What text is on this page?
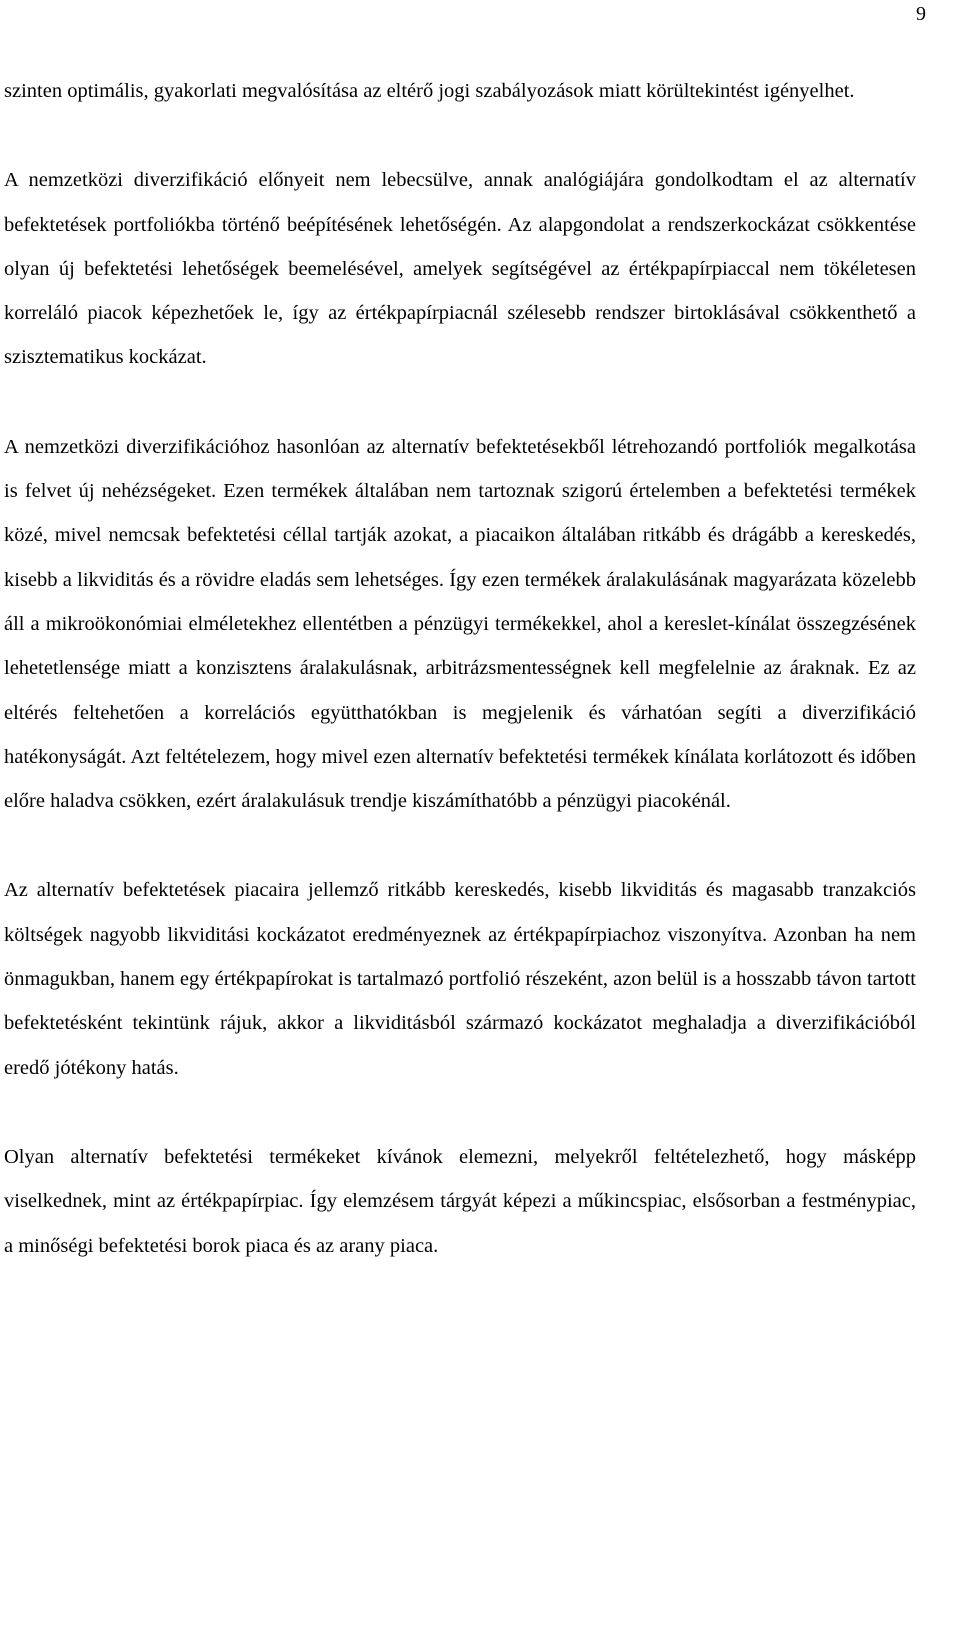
9

szinten optimális, gyakorlati megvalósítása az eltérő jogi szabályozások miatt körültekintést igényelhet.

A nemzetközi diverzifikáció előnyeit nem lebecsülve, annak analógiájára gondolkodtam el az alternatív befektetések portfoliókba történő beépítésének lehetőségén. Az alapgondolat a rendszerkockázat csökkentése olyan új befektetési lehetőségek beemelésével, amelyek segítségével az értékpapírpiaccal nem tökéletesen korreláló piacok képezhetőek le, így az értékpapírpiacnál szélesebb rendszer birtoklásával csökkenthető a szisztematikus kockázat.

A nemzetközi diverzifikációhoz hasonlóan az alternatív befektetésekből létrehozandó portfoliók megalkotása is felvet új nehézségeket. Ezen termékek általában nem tartoznak szigorú értelemben a befektetési termékek közé, mivel nemcsak befektetési céllal tartják azokat, a piacaikon általában ritkább és drágább a kereskedés, kisebb a likviditás és a rövidre eladás sem lehetséges. Így ezen termékek áralakulásának magyarázata közelebb áll a mikroökonómiai elméletekhez ellentétben a pénzügyi termékekkel, ahol a kereslet-kínálat összegzésének lehetetlensége miatt a konzisztens áralakulásnak, arbitrázsmentességnek kell megfelelnie az áraknak. Ez az eltérés feltehetően a korrelációs együtthatókban is megjelenik és várhatóan segíti a diverzifikáció hatékonyságát. Azt feltételezem, hogy mivel ezen alternatív befektetési termékek kínálata korlátozott és időben előre haladva csökken, ezért áralakulásuk trendje kiszámíthatóbb a pénzügyi piacokénál.

Az alternatív befektetések piacaira jellemző ritkább kereskedés, kisebb likviditás és magasabb tranzakciós költségek nagyobb likviditási kockázatot eredményeznek az értékpapírpiachoz viszonyítva. Azonban ha nem önmagukban, hanem egy értékpapírokat is tartalmazó portfolió részeként, azon belül is a hosszabb távon tartott befektetésként tekintünk rájuk, akkor a likviditásból származó kockázatot meghaladja a diverzifikációból eredő jótékony hatás.

Olyan alternatív befektetési termékeket kívánok elemezni, melyekről feltételezhető, hogy másképp viselkednek, mint az értékpapírpiac. Így elemzésem tárgyát képezi a műkincspiac, elsősorban a festménypiac, a minőségi befektetési borok piaca és az arany piaca.
